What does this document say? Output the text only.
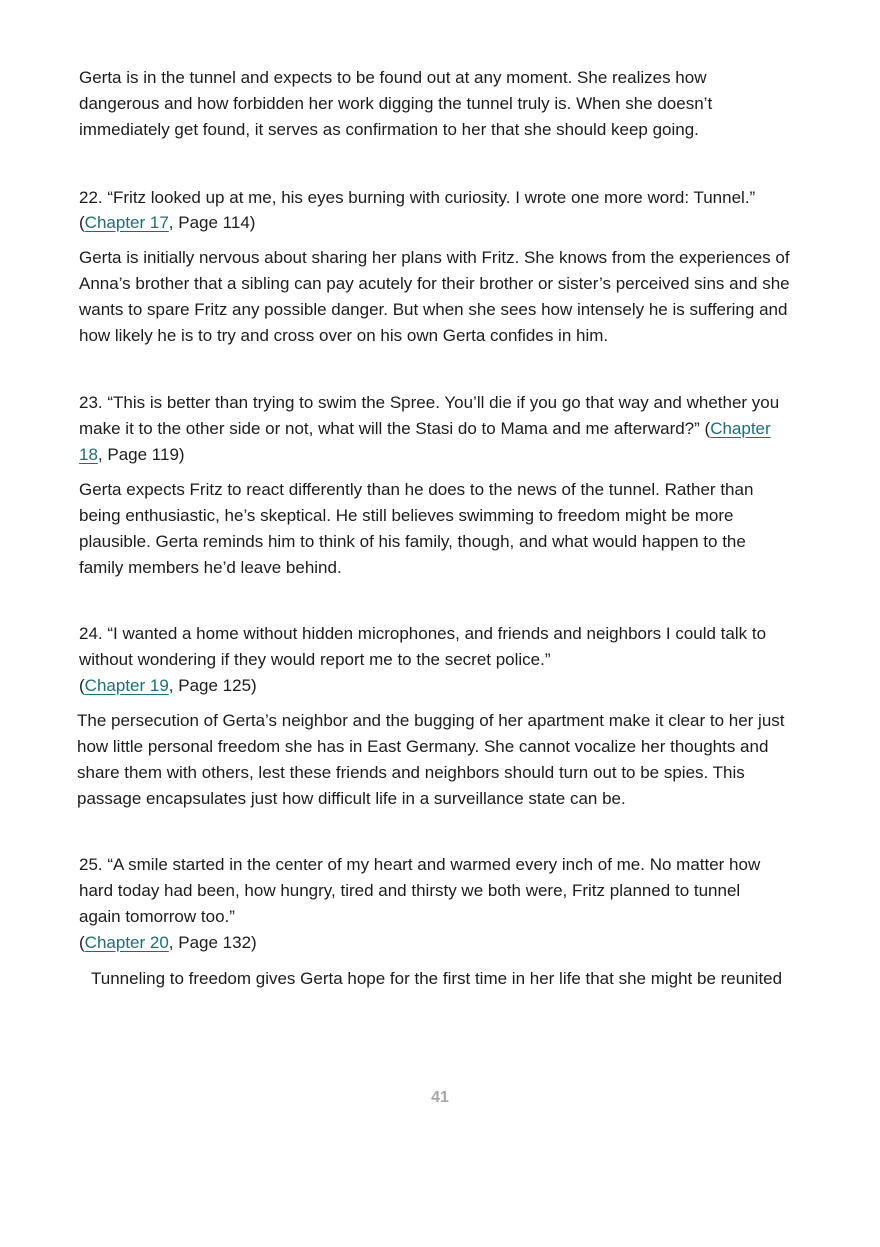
Gerta is in the tunnel and expects to be found out at any moment. She realizes how
dangerous and how forbidden her work digging the tunnel truly is. When she doesn’t
immediately get found, it serves as confirmation to her that she should keep going.

22. “Fritz looked up at me, his eyes burning with curiosity. I wrote one more word: Tunnel.”
(Chapter 17, Page 114)

Gerta is initially nervous about sharing her plans with Fritz. She knows from the experiences of
Anna’s brother that a sibling can pay acutely for their brother or sister’s perceived sins and she
wants to spare Fritz any possible danger. But when she sees how intensely he is suffering and
how likely he is to try and cross over on his own Gerta confides in him.

23. “This is better than trying to swim the Spree. You’ll die if you go that way and whether you
make it to the other side or not, what will the Stasi do to Mama and me afterward?” (Chapter
18, Page 119)

Gerta expects Fritz to react differently than he does to the news of the tunnel. Rather than
being enthusiastic, he’s skeptical. He still believes swimming to freedom might be more
plausible. Gerta reminds him to think of his family, though, and what would happen to the
family members he’d leave behind.

24. “I wanted a home without hidden microphones, and friends and neighbors I could talk to
without wondering if they would report me to the secret police.”
(Chapter 19, Page 125)

The persecution of Gerta’s neighbor and the bugging of her apartment make it clear to her just
how little personal freedom she has in East Germany. She cannot vocalize her thoughts and
share them with others, lest these friends and neighbors should turn out to be spies. This
passage encapsulates just how difficult life in a surveillance state can be.

25. “A smile started in the center of my heart and warmed every inch of me. No matter how
hard today had been, how hungry, tired and thirsty we both were, Fritz planned to tunnel
again tomorrow too.”
(Chapter 20, Page 132)

Tunneling to freedom gives Gerta hope for the first time in her life that she might be reunited

41
